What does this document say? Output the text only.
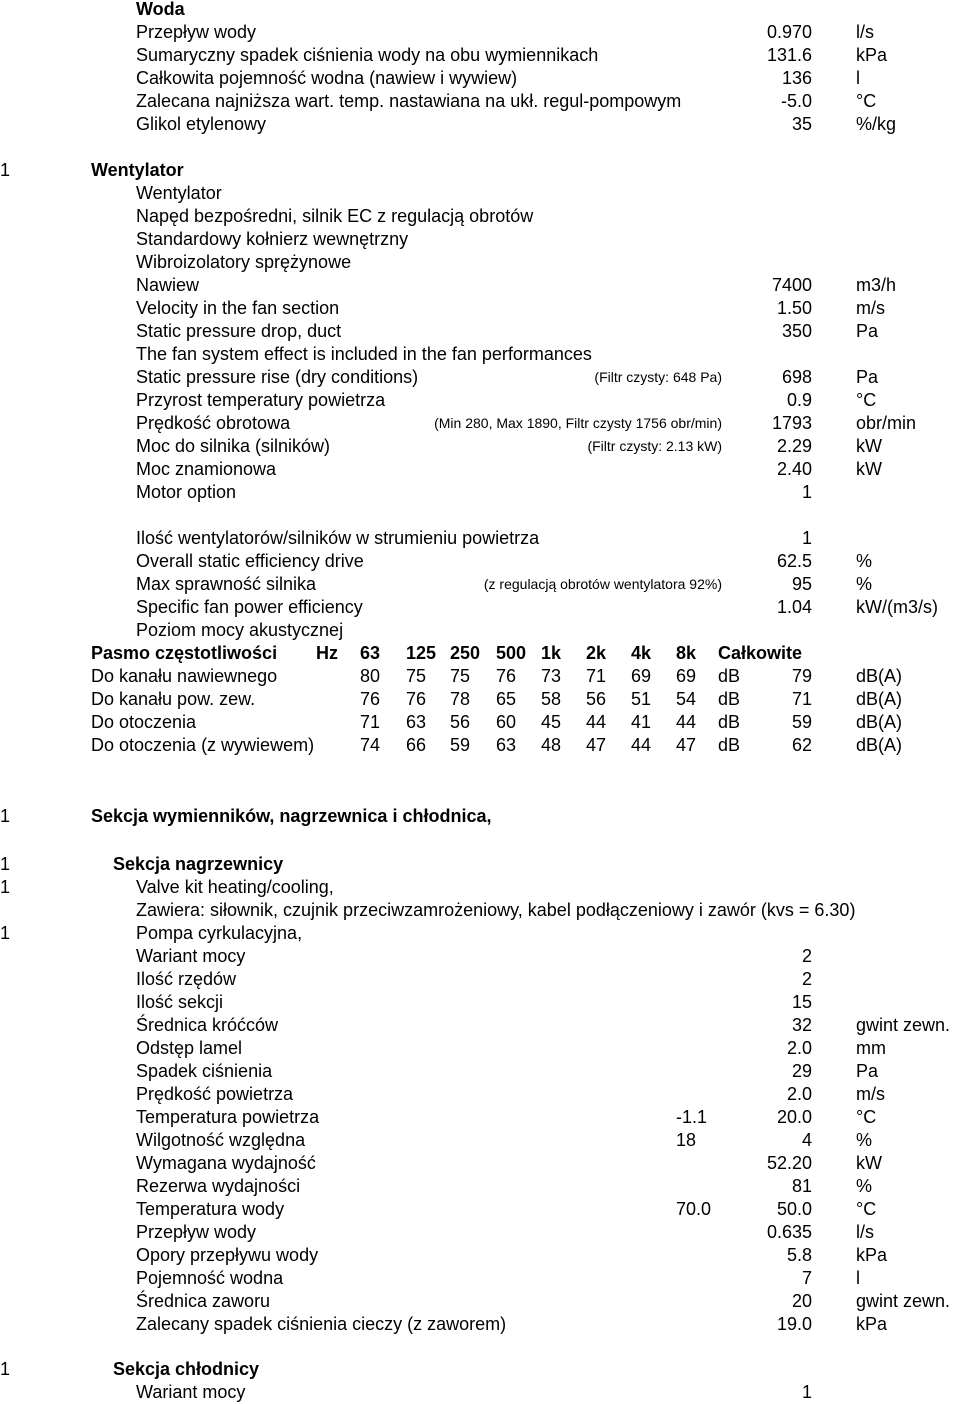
Woda
Przepływ wody	0.970 l/s
Sumaryczny spadek ciśnienia wody na obu wymiennikach	131.6 kPa
Całkowita pojemność wodna (nawiew i wywiew)	136 l
Zalecana najniższa wart. temp. nastawiana na ukł. regul-pompowym	-5.0 °C
Glikol etylenowy	35 %/kg
1	Wentylator
Wentylator
Napęd bezpośredni, silnik EC z regulacją obrotów
Standardowy kołnierz wewnętrzny
Wibroizolatory sprężynowe
Nawiew	7400 m3/h
Velocity in the fan section	1.50 m/s
Static pressure drop, duct	350 Pa
The fan system effect is included in the fan performances
Static pressure rise (dry conditions)	(Filtr czysty: 648 Pa)	698 Pa
Przyrost temperatury powietrza	0.9 °C
Prędkość obrotowa	(Min 280, Max 1890, Filtr czysty 1756 obr/min)	1793 obr/min
Moc do silnika (silników)	(Filtr czysty: 2.13 kW)	2.29 kW
Moc znamionowa	2.40 kW
Motor option	1
Ilość wentylatorów/silników w strumieniu powietrza	1
Overall static efficiency drive	62.5 %
Max sprawność silnika	(z regulacją obrotów wentylatora 92%)	95 %
Specific fan power efficiency	1.04 kW/(m3/s)
Poziom mocy akustycznej
Pasmo częstotliwości Hz 63 125 250 500 1k 2k 4k 8k Całkowite
Do kanału nawiewnego	80 75 75 76 73 71 69 69 dB	79 dB(A)
Do kanału pow. zew.	76 76 78 65 58 56 51 54 dB	71 dB(A)
Do otoczenia	71 63 56 60 45 44 41 44 dB	59 dB(A)
Do otoczenia (z wywiewem)	74 66 59 63 48 47 44 47 dB	62 dB(A)
1	Sekcja wymienników, nagrzewnica i chłodnica,
1	Sekcja nagrzewnicy
1	Valve kit heating/cooling,
Zawiera: siłownik, czujnik przeciwzamrożeniowy, kabel podłączeniowy i zawór (kvs = 6.30)
1	Pompa cyrkulacyjna,
Wariant mocy	2
Ilość rzędów	2
Ilość sekcji	15
Średnica króćców	32 gwint zewn.
Odstęp lamel	2.0 mm
Spadek ciśnienia	29 Pa
Prędkość powietrza	2.0 m/s
Temperatura powietrza	-1.1	20.0 °C
Wilgotność względna	18	4 %
Wymagana wydajność	52.20 kW
Rezerwa wydajności	81 %
Temperatura wody	70.0	50.0 °C
Przepływ wody	0.635 l/s
Opory przepływu wody	5.8 kPa
Pojemność wodna	7 l
Średnica zaworu	20 gwint zewn.
Zalecany spadek ciśnienia cieczy (z zaworem)	19.0 kPa
1	Sekcja chłodnicy
Wariant mocy	1
